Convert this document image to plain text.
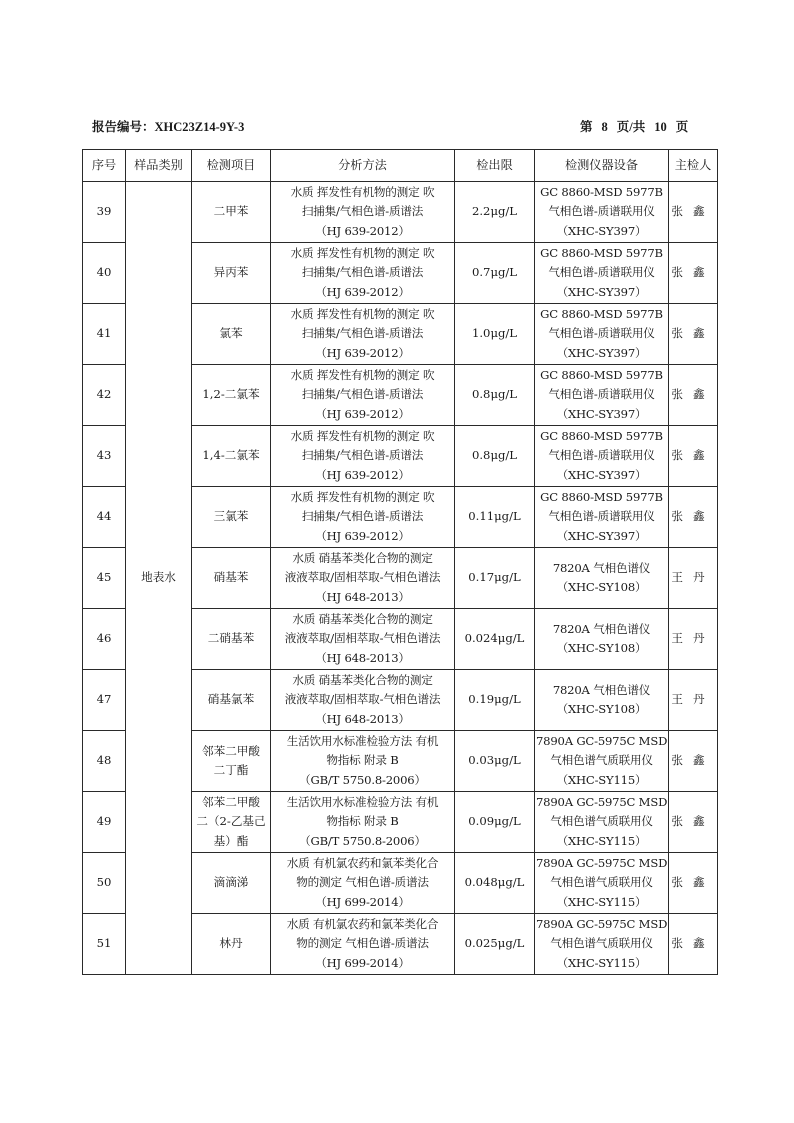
报告编号：XHC23Z14-9Y-3	第 8 页/共 10 页
序号	样品类别	检测项目	分析方法	检出限	检测仪器设备	主检人
39	地表水	二甲苯	水质 挥发性有机物的测定 吹
扫捕集/气相色谱-质谱法
（HJ 639-2012）	2.2μg/L	GC 8860-MSD 5977B
气相色谱-质谱联用仪
（XHC-SY397）	张鑫
40		异丙苯	水质 挥发性有机物的测定 吹
扫捕集/气相色谱-质谱法
（HJ 639-2012）	0.7μg/L	GC 8860-MSD 5977B
气相色谱-质谱联用仪
（XHC-SY397）	张鑫
41		氯苯	水质 挥发性有机物的测定 吹
扫捕集/气相色谱-质谱法
（HJ 639-2012）	1.0μg/L	GC 8860-MSD 5977B
气相色谱-质谱联用仪
（XHC-SY397）	张鑫
42		1,2-二氯苯	水质 挥发性有机物的测定 吹
扫捕集/气相色谱-质谱法
（HJ 639-2012）	0.8μg/L	GC 8860-MSD 5977B
气相色谱-质谱联用仪
（XHC-SY397）	张鑫
43		1,4-二氯苯	水质 挥发性有机物的测定 吹
扫捕集/气相色谱-质谱法
（HJ 639-2012）	0.8μg/L	GC 8860-MSD 5977B
气相色谱-质谱联用仪
（XHC-SY397）	张鑫
44		三氯苯	水质 挥发性有机物的测定 吹
扫捕集/气相色谱-质谱法
（HJ 639-2012）	0.11μg/L	GC 8860-MSD 5977B
气相色谱-质谱联用仪
（XHC-SY397）	张鑫
45		硝基苯	水质 硝基苯类化合物的测定
液液萃取/固相萃取-气相色谱法
（HJ 648-2013）	0.17μg/L	7820A 气相色谱仪
（XHC-SY108）	王丹
46		二硝基苯	水质 硝基苯类化合物的测定
液液萃取/固相萃取-气相色谱法
（HJ 648-2013）	0.024μg/L	7820A 气相色谱仪
（XHC-SY108）	王丹
47		硝基氯苯	水质 硝基苯类化合物的测定
液液萃取/固相萃取-气相色谱法
（HJ 648-2013）	0.19μg/L	7820A 气相色谱仪
（XHC-SY108）	王丹
48		邻苯二甲酸
二丁酯	生活饮用水标准检验方法 有机
物指标 附录 B
（GB/T 5750.8-2006）	0.03μg/L	7890A GC-5975C MSD
气相色谱气质联用仪
（XHC-SY115）	张鑫
49		邻苯二甲酸
二（2-乙基己
基）酯	生活饮用水标准检验方法 有机
物指标 附录 B
（GB/T 5750.8-2006）	0.09μg/L	7890A GC-5975C MSD
气相色谱气质联用仪
（XHC-SY115）	张鑫
50		滴滴涕	水质 有机氯农药和氯苯类化合
物的测定 气相色谱-质谱法
（HJ 699-2014）	0.048μg/L	7890A GC-5975C MSD
气相色谱气质联用仪
（XHC-SY115）	张鑫
51		林丹	水质 有机氯农药和氯苯类化合
物的测定 气相色谱-质谱法
（HJ 699-2014）	0.025μg/L	7890A GC-5975C MSD
气相色谱气质联用仪
（XHC-SY115）	张鑫
